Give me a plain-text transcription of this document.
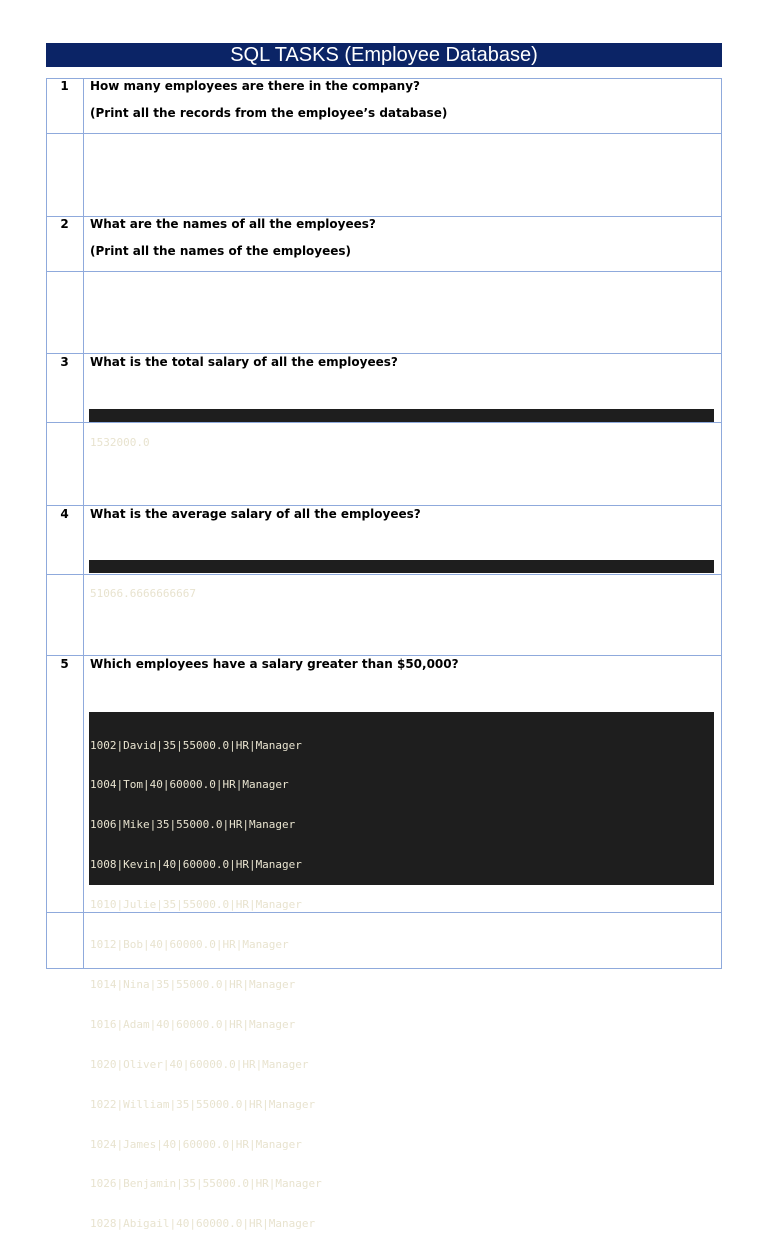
SQL TASKS (Employee Database)
1	How many employees are there in the company?
(Print all the records from the employee’s database)
2	What are the names of all the employees?
(Print all the names of the employees)
3	What is the total salary of all the employees?

1532000.0

4	What is the average salary of all the employees?

51066.6666666667

5	Which employees have a salary greater than $50,000?

1002|David|35|55000.0|HR|Manager

1004|Tom|40|60000.0|HR|Manager

1006|Mike|35|55000.0|HR|Manager

1008|Kevin|40|60000.0|HR|Manager

1010|Julie|35|55000.0|HR|Manager

1012|Bob|40|60000.0|HR|Manager

1014|Nina|35|55000.0|HR|Manager

1016|Adam|40|60000.0|HR|Manager

1020|Oliver|40|60000.0|HR|Manager

1022|William|35|55000.0|HR|Manager

1024|James|40|60000.0|HR|Manager

1026|Benjamin|35|55000.0|HR|Manager

1028|Abigail|40|60000.0|HR|Manager
